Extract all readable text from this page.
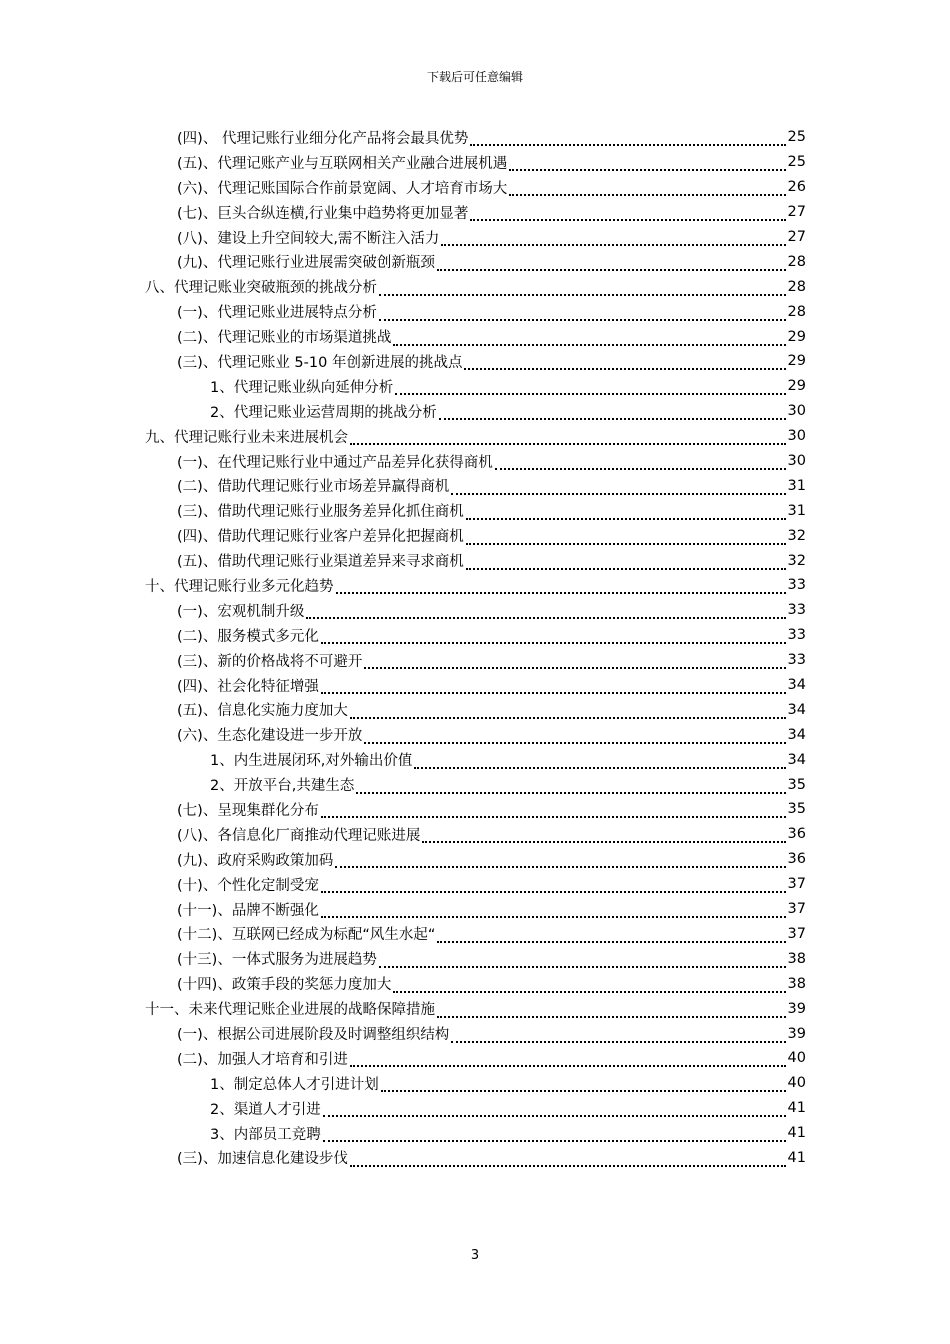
下载后可任意编辑
(四)、 代理记账行业细分化产品将会最具优势	25
(五)、代理记账产业与互联网相关产业融合进展机遇	25
(六)、代理记账国际合作前景宽阔、人才培育市场大	26
(七)、巨头合纵连横,行业集中趋势将更加显著	27
(八)、建设上升空间较大,需不断注入活力	27
(九)、代理记账行业进展需突破创新瓶颈	28
八、代理记账业突破瓶颈的挑战分析	28
(一)、代理记账业进展特点分析	28
(二)、代理记账业的市场渠道挑战	29
(三)、代理记账业 5-10 年创新进展的挑战点	29
1、代理记账业纵向延伸分析	29
2、代理记账业运营周期的挑战分析	30
九、代理记账行业未来进展机会	30
(一)、在代理记账行业中通过产品差异化获得商机	30
(二)、借助代理记账行业市场差异赢得商机	31
(三)、借助代理记账行业服务差异化抓住商机	31
(四)、借助代理记账行业客户差异化把握商机	32
(五)、借助代理记账行业渠道差异来寻求商机	32
十、代理记账行业多元化趋势	33
(一)、宏观机制升级	33
(二)、服务模式多元化	33
(三)、新的价格战将不可避开	33
(四)、社会化特征增强	34
(五)、信息化实施力度加大	34
(六)、生态化建设进一步开放	34
1、内生进展闭环,对外输出价值	34
2、开放平台,共建生态	35
(七)、呈现集群化分布	35
(八)、各信息化厂商推动代理记账进展	36
(九)、政府采购政策加码	36
(十)、个性化定制受宠	37
(十一)、品牌不断强化	37
(十二)、互联网已经成为标配“风生水起“	37
(十三)、一体式服务为进展趋势	38
(十四)、政策手段的奖惩力度加大	38
十一、未来代理记账企业进展的战略保障措施	39
(一)、根据公司进展阶段及时调整组织结构	39
(二)、加强人才培育和引进	40
1、制定总体人才引进计划	40
2、渠道人才引进	41
3、内部员工竞聘	41
(三)、加速信息化建设步伐	41
3
